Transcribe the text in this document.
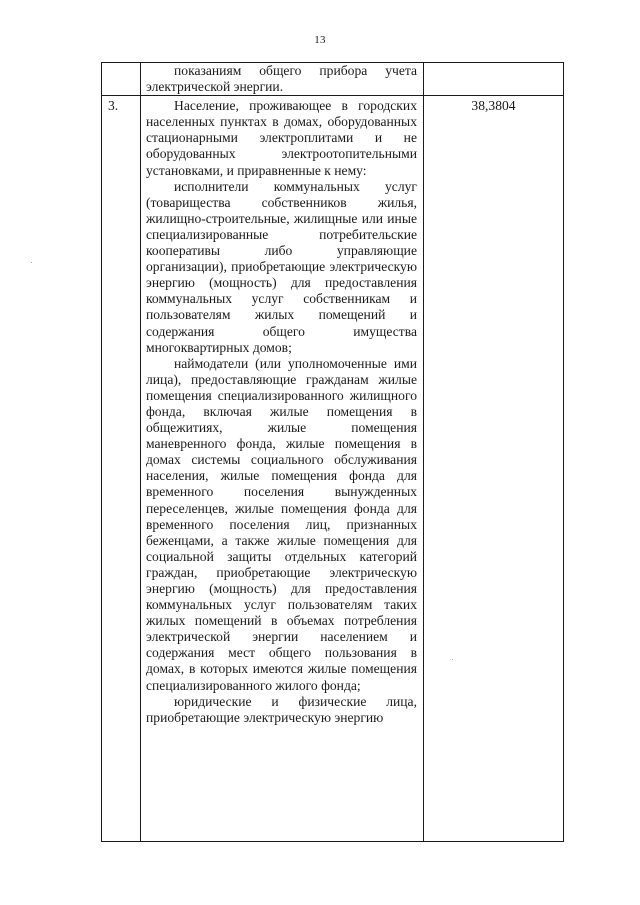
13

	показаниям общего прибора учета электрической энергии.	

3.	Население, проживающее в городских населенных пунктах в домах, оборудованных стационарными электроплитами и не оборудованных электроотопительными установками, и приравненные к нему:

исполнители коммунальных услуг (товарищества собственников жилья, жилищно-строительные, жилищные или иные специализированные потребительские кооперативы либо управляющие организации), приобретающие электрическую энергию (мощность) для предоставления коммунальных услуг собственникам и пользователям жилых помещений и содержания общего имущества многоквартирных домов;

наймодатели (или уполномоченные ими лица), предоставляющие гражданам жилые помещения специализированного жилищного фонда, включая жилые помещения в общежитиях, жилые помещения маневренного фонда, жилые помещения в домах системы социального обслуживания населения, жилые помещения фонда для временного поселения вынужденных переселенцев, жилые помещения фонда для временного поселения лиц, признанных беженцами, а также жилые помещения для социальной защиты отдельных категорий граждан, приобретающие электрическую энергию (мощность) для предоставления коммунальных услуг пользователям таких жилых помещений в объемах потребления электрической энергии населением и содержания мест общего пользования в домах, в которых имеются жилые помещения специализированного жилого фонда;

юридические и физические лица, приобретающие электрическую энергию	38,3804
